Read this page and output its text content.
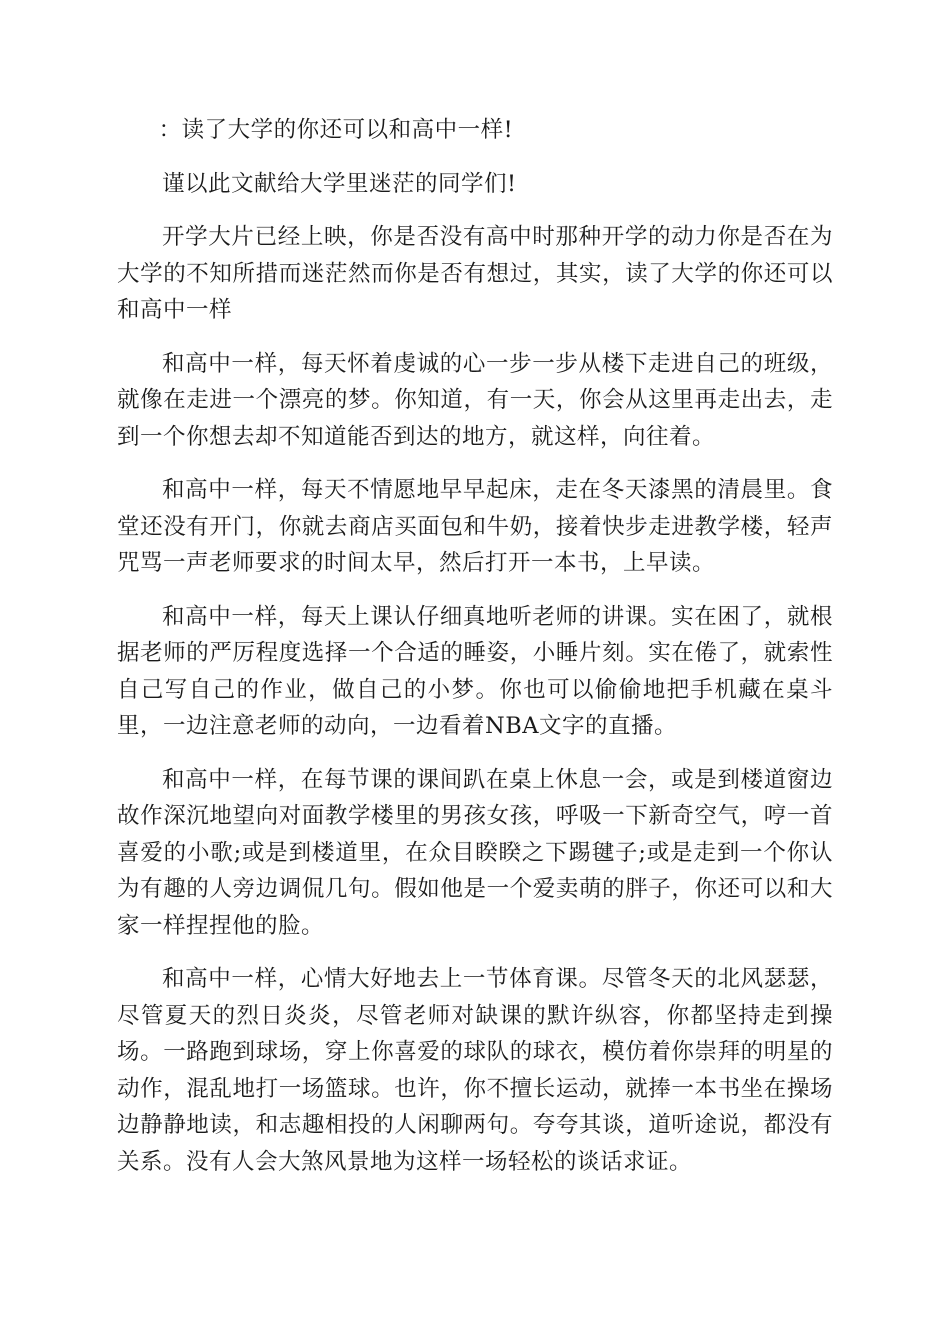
：读了大学的你还可以和高中一样!

谨以此文献给大学里迷茫的同学们!

开学大片已经上映，你是否没有高中时那种开学的动力你是否在为大学的不知所措而迷茫然而你是否有想过，其实，读了大学的你还可以和高中一样

和高中一样，每天怀着虔诚的心一步一步从楼下走进自己的班级，就像在走进一个漂亮的梦。你知道，有一天，你会从这里再走出去，走到一个你想去却不知道能否到达的地方，就这样，向往着。

和高中一样，每天不情愿地早早起床，走在冬天漆黑的清晨里。食堂还没有开门，你就去商店买面包和牛奶，接着快步走进教学楼，轻声咒骂一声老师要求的时间太早，然后打开一本书，上早读。

和高中一样，每天上课认仔细真地听老师的讲课。实在困了，就根据老师的严厉程度选择一个合适的睡姿，小睡片刻。实在倦了，就索性自己写自己的作业，做自己的小梦。你也可以偷偷地把手机藏在桌斗里，一边注意老师的动向，一边看着NBA文字的直播。

和高中一样，在每节课的课间趴在桌上休息一会，或是到楼道窗边故作深沉地望向对面教学楼里的男孩女孩，呼吸一下新奇空气，哼一首喜爱的小歌;或是到楼道里，在众目睽睽之下踢毽子;或是走到一个你认为有趣的人旁边调侃几句。假如他是一个爱卖萌的胖子，你还可以和大家一样捏捏他的脸。

和高中一样，心情大好地去上一节体育课。尽管冬天的北风瑟瑟，尽管夏天的烈日炎炎，尽管老师对缺课的默许纵容，你都坚持走到操场。一路跑到球场，穿上你喜爱的球队的球衣，模仿着你崇拜的明星的动作，混乱地打一场篮球。也许，你不擅长运动，就捧一本书坐在操场边静静地读，和志趣相投的人闲聊两句。夸夸其谈，道听途说，都没有关系。没有人会大煞风景地为这样一场轻松的谈话求证。
